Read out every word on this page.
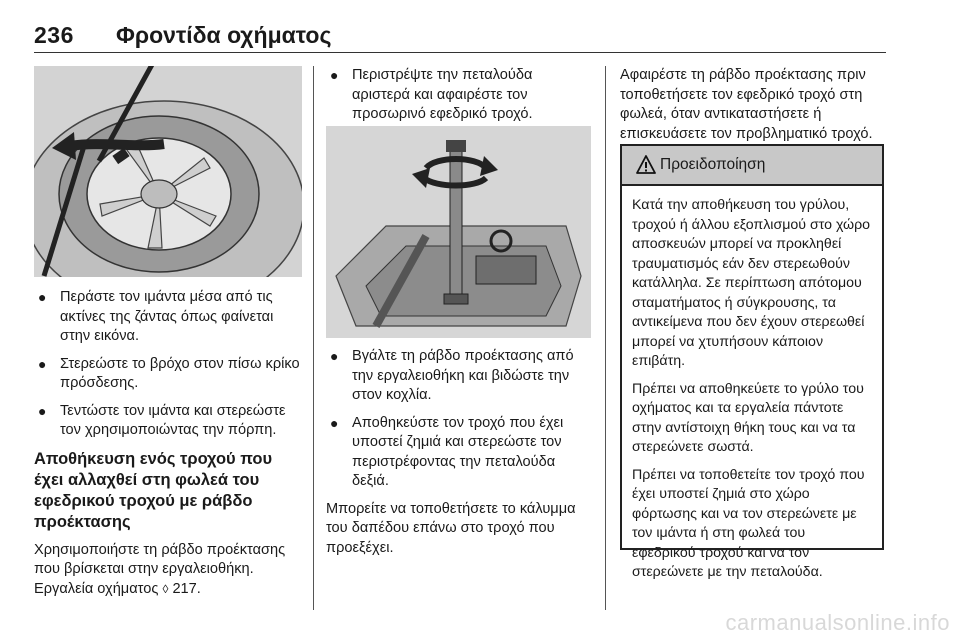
236 Φροντίδα οχήματος
● Περάστε τον ιμάντα μέσα από τις ακτίνες της ζάντας όπως φαίνεται στην εικόνα.
● Στερεώστε το βρόχο στον πίσω κρίκο πρόσδεσης.
● Τεντώστε τον ιμάντα και στερεώστε τον χρησιμοποιώντας την πόρπη.
Αποθήκευση ενός τροχού που έχει αλλαχθεί στη φωλεά του εφεδρικού τροχού με ράβδο προέκτασης

Χρησιμοποιήστε τη ράβδο προέκτασης που βρίσκεται στην εργαλειοθήκη. Εργαλεία οχήματος ◊ 217.

● Περιστρέψτε την πεταλούδα αριστερά και αφαιρέστε τον προσωρινό εφεδρικό τροχό.
● Βγάλτε τη ράβδο προέκτασης από την εργαλειοθήκη και βιδώστε την στον κοχλία.
● Αποθηκεύστε τον τροχό που έχει υποστεί ζημιά και στερεώστε τον περιστρέφοντας την πεταλούδα δεξιά.

Μπορείτε να τοποθετήσετε το κάλυμμα του δαπέδου επάνω στο τροχό που προεξέχει.

Αφαιρέστε τη ράβδο προέκτασης πριν τοποθετήσετε τον εφεδρικό τροχό στη φωλεά, όταν αντικαταστήσετε ή επισκευάσετε τον προβληματικό τροχό.

Προειδοποίηση

Κατά την αποθήκευση του γρύλου, τροχού ή άλλου εξοπλισμού στο χώρο αποσκευών μπορεί να προκληθεί τραυματισμός εάν δεν στερεωθούν κατάλληλα. Σε περίπτωση απότομου σταματήματος ή σύγκρουσης, τα αντικείμενα που δεν έχουν στερεωθεί μπορεί να χτυπήσουν κάποιον επιβάτη.

Πρέπει να αποθηκεύετε το γρύλο του οχήματος και τα εργαλεία πάντοτε στην αντίστοιχη θήκη τους και να τα στερεώνετε σωστά.

Πρέπει να τοποθετείτε τον τροχό που έχει υποστεί ζημιά στο χώρο φόρτωσης και να τον στερεώνετε με τον ιμάντα ή στη φωλεά του εφεδρικού τροχού και να τον στερεώνετε με την πεταλούδα.

carmanualsonline.info
